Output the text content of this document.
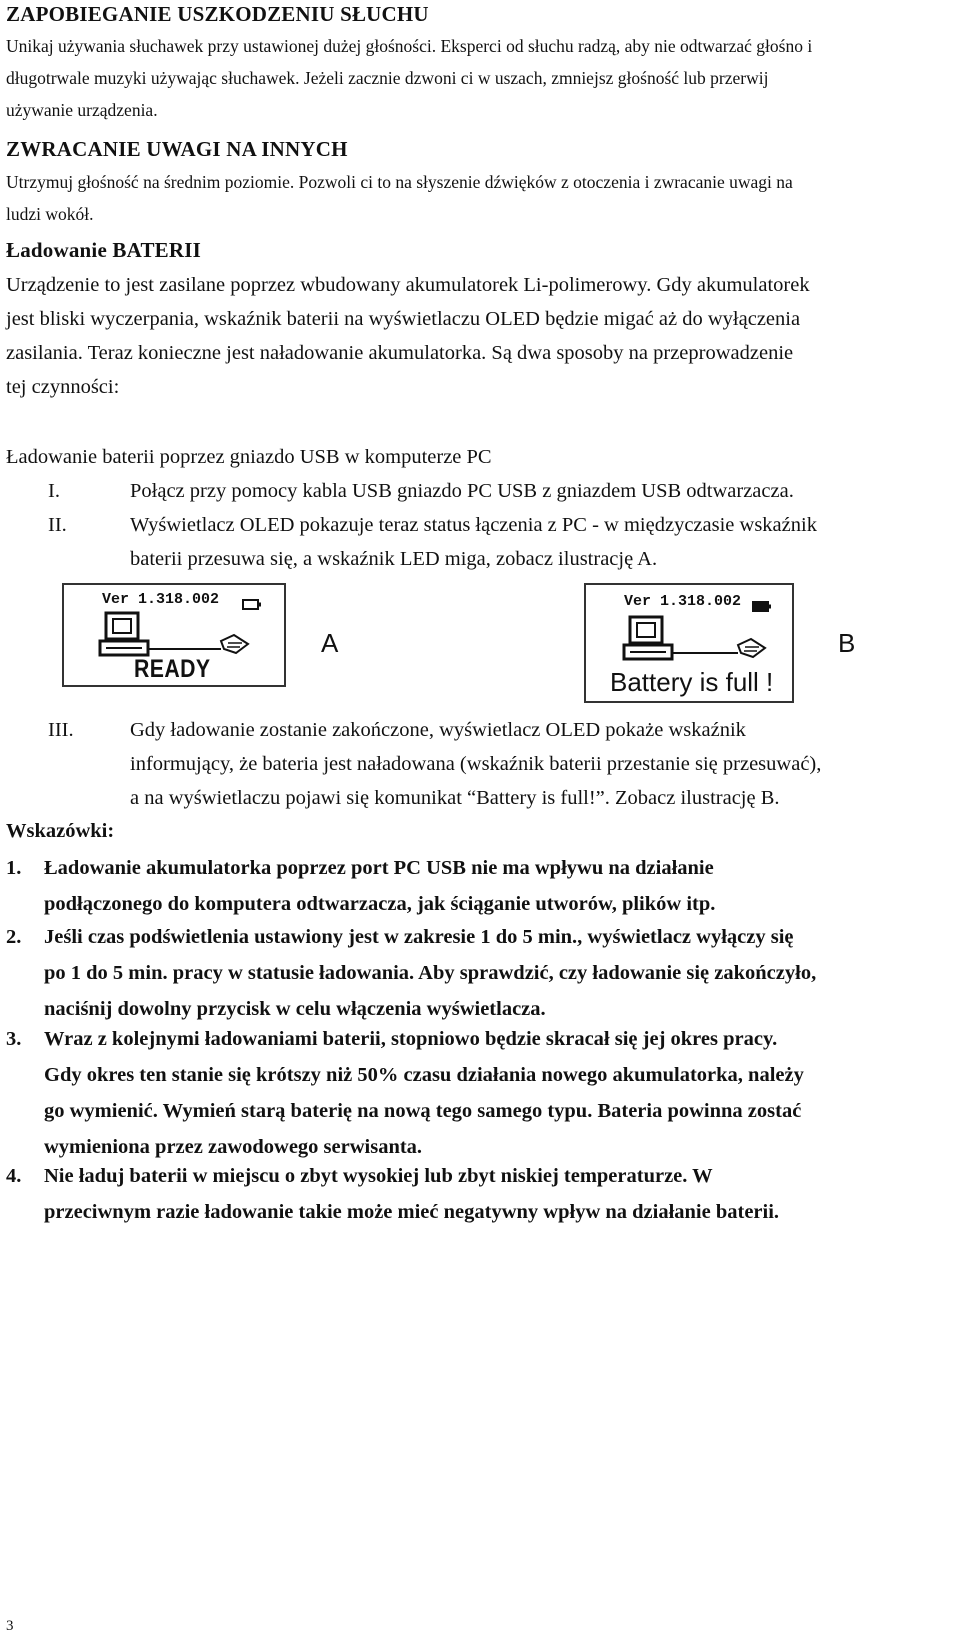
ZAPOBIEGANIE USZKODZENIU SŁUCHU
Unikaj używania słuchawek przy ustawionej dużej głośności. Eksperci od słuchu radzą, aby nie odtwarzać głośno i
długotrwale muzyki używając słuchawek. Jeżeli zacznie dzwoni ci w uszach, zmniejsz głośność lub przerwij
używanie urządzenia.
ZWRACANIE UWAGI NA INNYCH
Utrzymuj głośność na średnim poziomie. Pozwoli ci to na słyszenie dźwięków z otoczenia i zwracanie uwagi na
ludzi wokół.
Ładowanie BATERII
Urządzenie to jest zasilane poprzez wbudowany akumulatorek Li-polimerowy. Gdy akumulatorek
jest bliski wyczerpania, wskaźnik baterii na wyświetlaczu OLED będzie migać aż do wyłączenia
zasilania. Teraz konieczne jest naładowanie akumulatorka. Są dwa sposoby na przeprowadzenie
tej czynności:
Ładowanie baterii poprzez gniazdo USB w komputerze PC
I.	Połącz przy pomocy kabla USB gniazdo PC USB z gniazdem USB odtwarzacza.
II.	Wyświetlacz OLED pokazuje teraz status łączenia z PC - w międzyczasie wskaźnik
baterii przesuwa się, a wskaźnik LED miga, zobacz ilustrację A.
Ver 1.318.002
READY
A
Ver 1.318.002
Battery is full !
B
III.	Gdy ładowanie zostanie zakończone, wyświetlacz OLED pokaże wskaźnik
informujący, że bateria jest naładowana (wskaźnik baterii przestanie się przesuwać),
a na wyświetlaczu pojawi się komunikat “Battery is full!”. Zobacz ilustrację B.
Wskazówki:
1. Ładowanie akumulatorka poprzez port PC USB nie ma wpływu na działanie
podłączonego do komputera odtwarzacza, jak ściąganie utworów, plików itp.
2. Jeśli czas podświetlenia ustawiony jest w zakresie 1 do 5 min., wyświetlacz wyłączy się
po 1 do 5 min. pracy w statusie ładowania. Aby sprawdzić, czy ładowanie się zakończyło,
naciśnij dowolny przycisk w celu włączenia wyświetlacza.
3. Wraz z kolejnymi ładowaniami baterii, stopniowo będzie skracał się jej okres pracy.
Gdy okres ten stanie się krótszy niż 50% czasu działania nowego akumulatorka, należy
go wymienić. Wymień starą baterię na nową tego samego typu. Bateria powinna zostać
wymieniona przez zawodowego serwisanta.
4. Nie ładuj baterii w miejscu o zbyt wysokiej lub zbyt niskiej temperaturze. W
przeciwnym razie ładowanie takie może mieć negatywny wpływ na działanie baterii.
3
